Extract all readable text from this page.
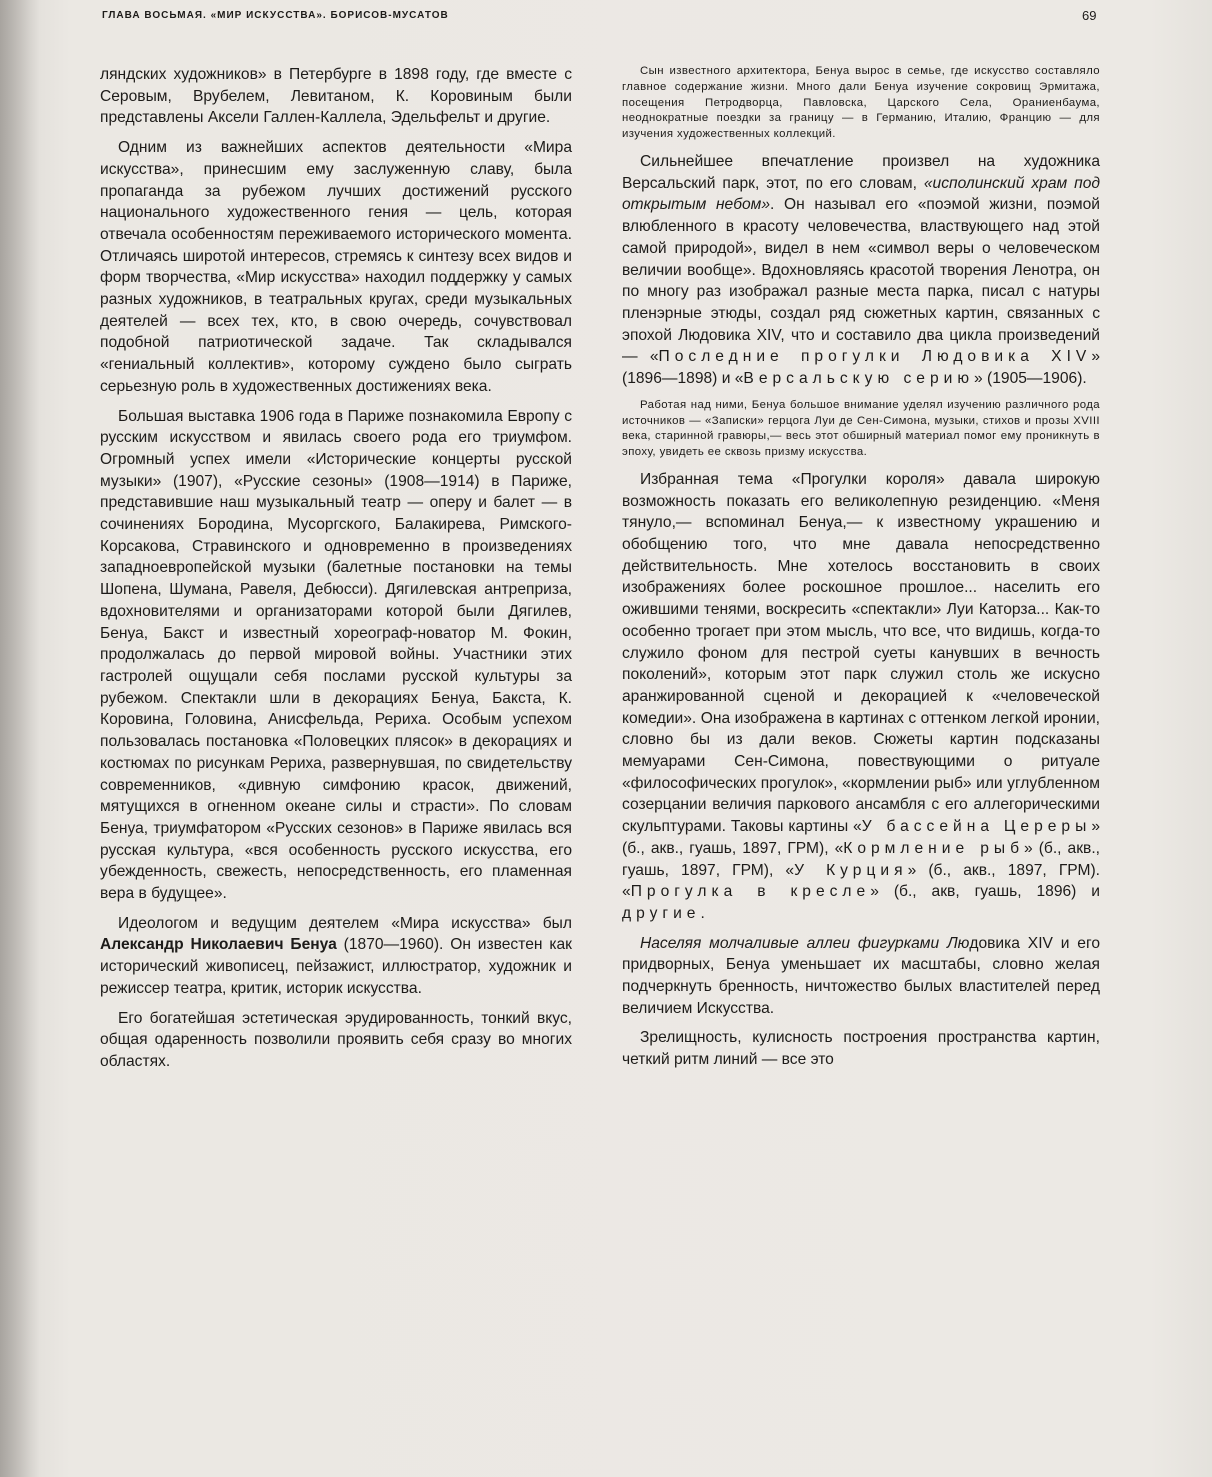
ГЛАВА ВОСЬМАЯ. «МИР ИСКУССТВА». БОРИСОВ-МУСАТОВ	69

ляндских художников» в Петербурге в 1898 году, где вместе с Серовым, Врубелем, Левитаном, К. Коровиным были представлены Аксели Галлен-Каллела, Эдельфельт и другие.

Одним из важнейших аспектов деятельности «Мира искусства», принесшим ему заслуженную славу, была пропаганда за рубежом лучших достижений русского национального художественного гения — цель, которая отвечала особенностям переживаемого исторического момента. Отличаясь широтой интересов, стремясь к синтезу всех видов и форм творчества, «Мир искусства» находил поддержку у самых разных художников, в театральных кругах, среди музыкальных деятелей — всех тех, кто, в свою очередь, сочувствовал подобной патриотической задаче. Так складывался «гениальный коллектив», которому суждено было сыграть серьезную роль в художественных достижениях века.

Большая выставка 1906 года в Париже познакомила Европу с русским искусством и явилась своего рода его триумфом. Огромный успех имели «Исторические концерты русской музыки» (1907), «Русские сезоны» (1908—1914) в Париже, представившие наш музыкальный театр — оперу и балет — в сочинениях Бородина, Мусоргского, Балакирева, Римского-Корсакова, Стравинского и одновременно в произведениях западноевропейской музыки (балетные постановки на темы Шопена, Шумана, Равеля, Дебюсси). Дягилевская антреприза, вдохновителями и организаторами которой были Дягилев, Бенуа, Бакст и известный хореограф-новатор М. Фокин, продолжалась до первой мировой войны. Участники этих гастролей ощущали себя послами русской культуры за рубежом. Спектакли шли в декорациях Бенуа, Бакста, К. Коровина, Головина, Анисфельда, Рериха. Особым успехом пользовалась постановка «Половецких плясок» в декорациях и костюмах по рисункам Рериха, развернувшая, по свидетельству современников, «дивную симфонию красок, движений, мятущихся в огненном океане силы и страсти». По словам Бенуа, триумфатором «Русских сезонов» в Париже явилась вся русская культура, «вся особенность русского искусства, его убежденность, свежесть, непосредственность, его пламенная вера в будущее».

Идеологом и ведущим деятелем «Мира искусства» был Александр Николаевич Бенуа (1870—1960). Он известен как исторический живописец, пейзажист, иллюстратор, художник и режиссер театра, критик, историк искусства.

Его богатейшая эстетическая эрудированность, тонкий вкус, общая одаренность позволили проявить себя сразу во многих областях.

Сын известного архитектора, Бенуа вырос в семье, где искусство составляло главное содержание жизни. Много дали Бенуа изучение сокровищ Эрмитажа, посещения Петродворца, Павловска, Царского Села, Ораниенбаума, неоднократные поездки за границу — в Германию, Италию, Францию — для изучения художественных коллекций.

Сильнейшее впечатление произвел на художника Версальский парк, этот, по его словам, «исполинский храм под открытым небом». Он называл его «поэмой жизни, поэмой влюбленного в красоту человечества, властвующего над этой самой природой», видел в нем «символ веры о человеческом величии вообще». Вдохновляясь красотой творения Ленотра, он по многу раз изображал разные места парка, писал с натуры пленэрные этюды, создал ряд сюжетных картин, связанных с эпохой Людовика XIV, что и составило два цикла произведений — «Последние прогулки Людовика XIV» (1896—1898) и «Версальскую серию» (1905—1906).

Работая над ними, Бенуа большое внимание уделял изучению различного рода источников — «Записки» герцога Луи де Сен-Симона, музыки, стихов и прозы XVIII века, старинной гравюры,— весь этот обширный материал помог ему проникнуть в эпоху, увидеть ее сквозь призму искусства.

Избранная тема «Прогулки короля» давала широкую возможность показать его великолепную резиденцию. «Меня тянуло,— вспоминал Бенуа,— к известному украшению и обобщению того, что мне давала непосредственно действительность. Мне хотелось восстановить в своих изображениях более роскошное прошлое... населить его ожившими тенями, воскресить «спектакли» Луи Каторза... Как-то особенно трогает при этом мысль, что все, что видишь, когда-то служило фоном для пестрой суеты канувших в вечность поколений», которым этот парк служил столь же искусно аранжированной сценой и декорацией к «человеческой комедии». Она изображена в картинах с оттенком легкой иронии, словно бы из дали веков. Сюжеты картин подсказаны мемуарами Сен-Симона, повествующими о ритуале «философических прогулок», «кормлении рыб» или углубленном созерцании величия паркового ансамбля с его аллегорическими скульптурами. Таковы картины «У бассейна Цереры» (б., акв., гуашь, 1897, ГРМ), «Кормление рыб» (б., акв., гуашь, 1897, ГРМ), «У Курция» (б., акв., 1897, ГРМ). «Прогулка в кресле» (б., акв, гуашь, 1896) и другие.

Населяя молчаливые аллеи фигурками Людовика XIV и его придворных, Бенуа уменьшает их масштабы, словно желая подчеркнуть бренность, ничтожество былых властителей перед величием Искусства.

Зрелищность, кулисность построения пространства картин, четкий ритм линий — все это
